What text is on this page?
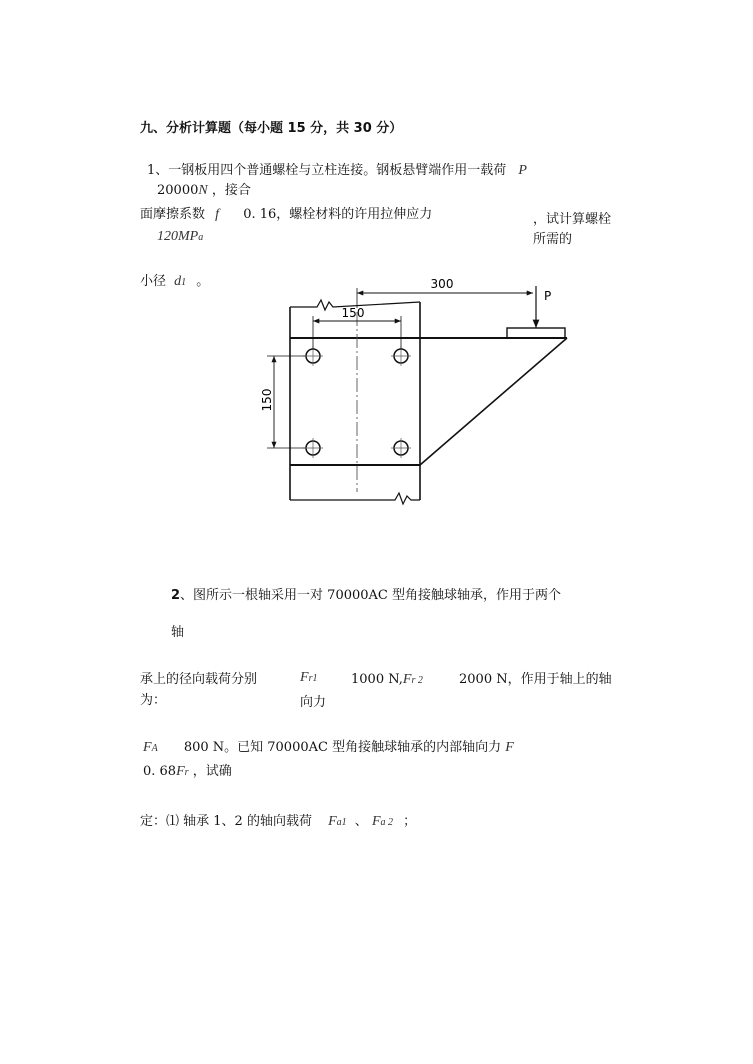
九、分析计算题（每小题 15 分，共 30 分）
1、一钢板用四个普通螺栓与立柱连接。钢板悬臂端作用一载荷 P
20000N ，接合
面摩擦系数 f 0. 16，螺栓材料的许用拉伸应力	，试计算螺栓
所需的
120MPa
小径 d1 。	300
P
150
150
2、图所示一根轴采用一对 70000AC 型角接触球轴承，作用于两个
轴
承上的径向载荷分别
为：
Fr1	1000 N,Fr 2	2000 N，作用于轴上的轴
向力
FA 800 N。已知 70000AC 型角接触球轴承的内部轴向力 F
0. 68Fr ，试确
定：⑴ 轴承 1、2 的轴向载荷 Fa1 、 Fa 2 ；
